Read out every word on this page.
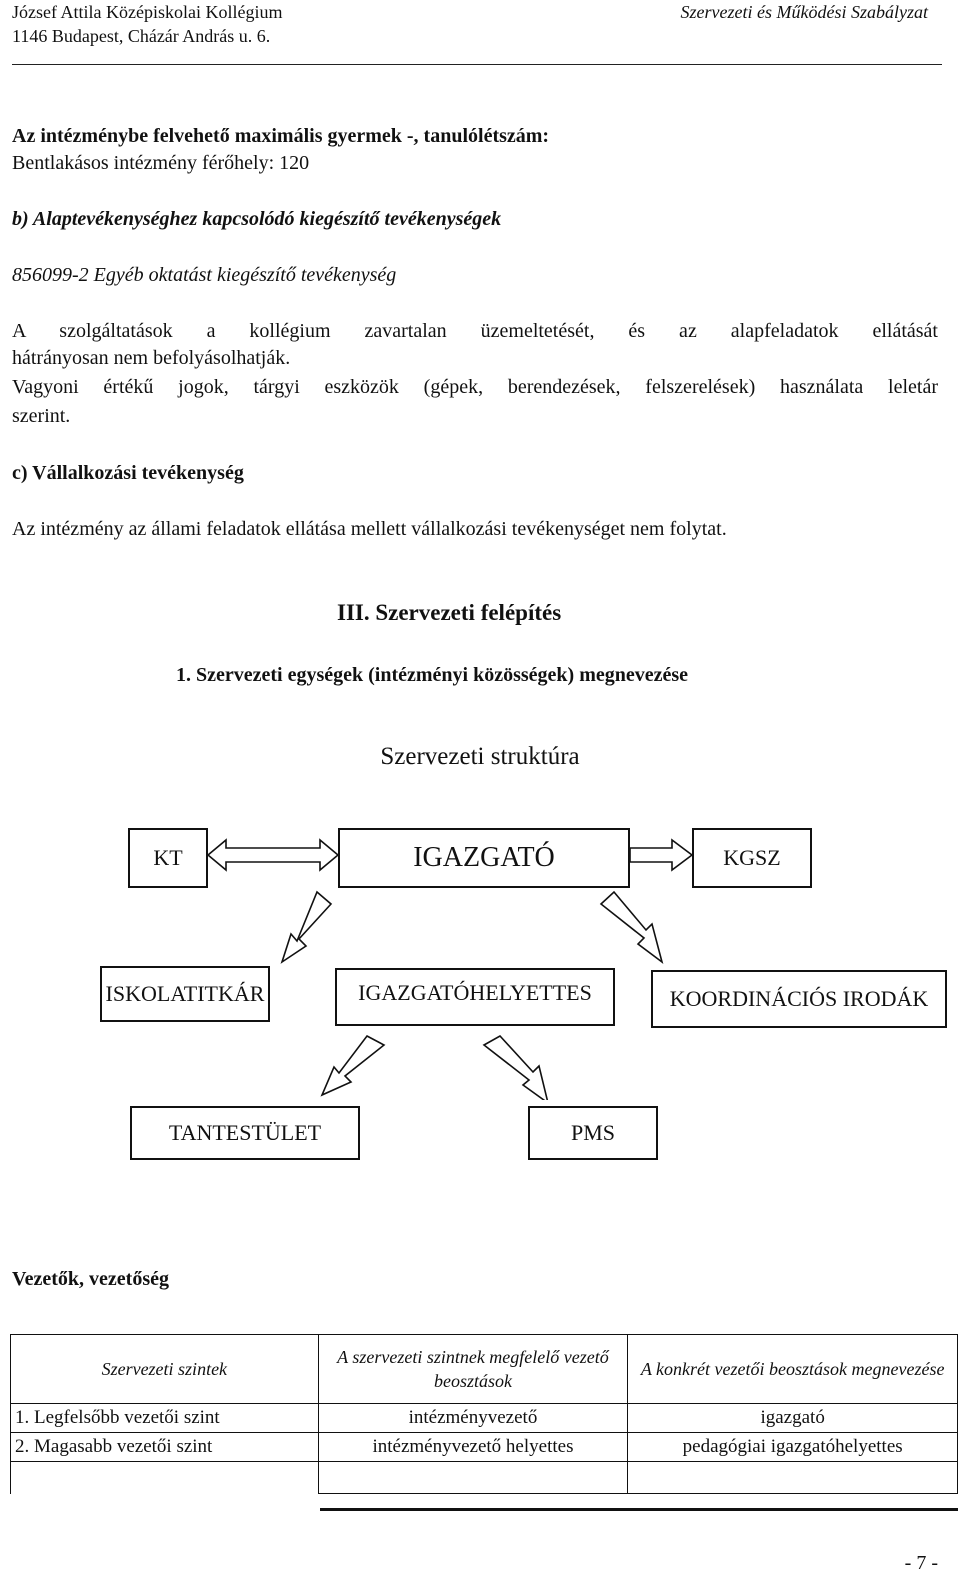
József Attila Középiskolai Kollégium
1146 Budapest, Cházár András u. 6.
Szervezeti és Működési Szabályzat
Az intézménybe felvehető maximális gyermek -, tanulólétszám:
Bentlakásos intézmény férőhely: 120
b) Alaptevékenységhez kapcsolódó kiegészítő tevékenységek
856099-2 Egyéb oktatást kiegészítő tevékenység
A szolgáltatások a kollégium zavartalan üzemeltetését, és az alapfeladatok ellátását
hátrányosan nem befolyásolhatják.
Vagyoni értékű jogok, tárgyi eszközök (gépek, berendezések, felszerelések) használata leletár
szerint.
c) Vállalkozási tevékenység
Az intézmény az állami feladatok ellátása mellett vállalkozási tevékenységet nem folytat.
III. Szervezeti felépítés
1. Szervezeti egységek (intézményi közösségek) megnevezése
Szervezeti struktúra
KT	IGAZGATÓ	KGSZ
ISKOLATITKÁR	IGAZGATÓHELYETTES	KOORDINÁCIÓS IRODÁK
TANTESTÜLET	PMS
Vezetők, vezetőség
Szervezeti szintek	A szervezeti szintnek megfelelő vezető beosztások	A konkrét vezetői beosztások megnevezése
1. Legfelsőbb vezetői szint	intézményvezető	igazgató
2. Magasabb vezetői szint	intézményvezető helyettes	pedagógiai igazgatóhelyettes

- 7 -
